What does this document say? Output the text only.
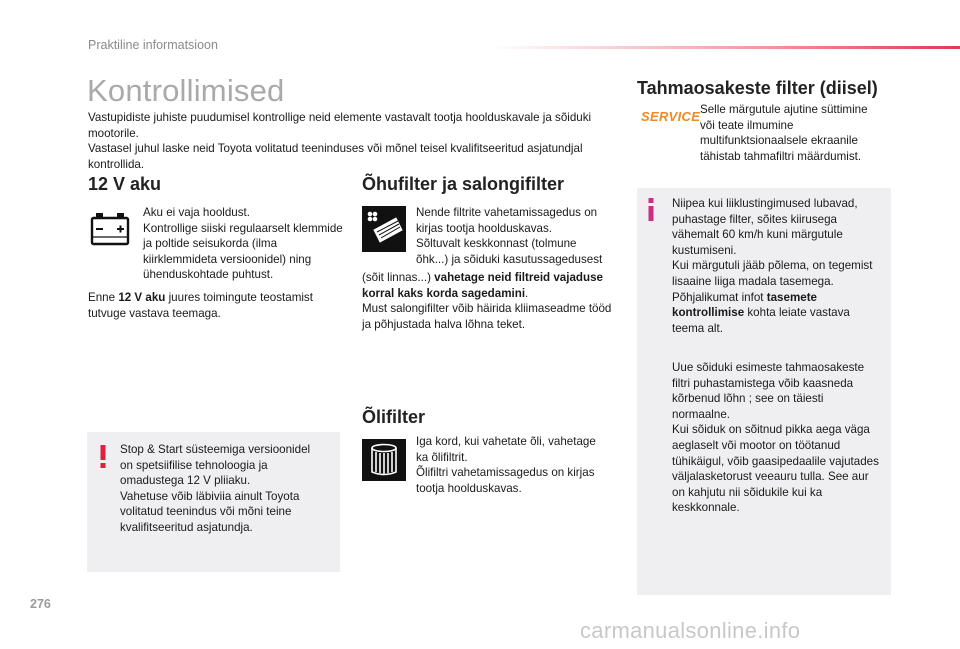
Praktiline informatsioon
Kontrollimised
Vastupidiste juhiste puudumisel kontrollige neid elemente vastavalt tootja hoolduskavale ja sõiduki mootorile.
Vastasel juhul laske neid Toyota volitatud teeninduses või mõnel teisel kvalifitseeritud asjatundjal kontrollida.
12 V aku
Aku ei vaja hooldust.
Kontrollige siiski regulaarselt klemmide ja poltide seisukorda (ilma kiirklemmideta versioonidel) ning ühenduskohtade puhtust.
Enne 12 V aku juures toimingute teostamist tutvuge vastava teemaga.
Stop & Start süsteemiga versioonidel on spetsiifilise tehnoloogia ja omadustega 12 V pliiaku.
Vahetuse võib läbiviia ainult Toyota volitatud teenindus või mõni teine kvalifitseeritud asjatundja.
Õhufilter ja salongifilter
Nende filtrite vahetamissagedus on kirjas tootja hoolduskavas.
Sõltuvalt keskkonnast (tolmune õhk...) ja sõiduki kasutussagedusest
(sõit linnas...) vahetage neid filtreid vajaduse korral kaks korda sagedamini.
Must salongifilter võib häirida kliimaseadme tööd ja põhjustada halva lõhna teket.
Õlifilter
Iga kord, kui vahetate õli, vahetage ka õlifiltrit.
Õlifiltri vahetamissagedus on kirjas tootja hoolduskavas.
Tahmaosakeste filter (diisel)
SERVICE Selle märgutule ajutine süttimine või teate ilmumine multifunktsionaalsele ekraanile tähistab tahmafiltri määrdumist.
Niipea kui liiklustingimused lubavad, puhastage filter, sõites kiirusega vähemalt 60 km/h kuni märgutule kustumiseni.
Kui märgutuli jääb põlema, on tegemist lisaaine liiga madala tasemega.
Põhjalikumat infot tasemete kontrollimise kohta leiate vastava teema alt.
Uue sõiduki esimeste tahmaosakeste filtri puhastamistega võib kaasneda kõrbenud lõhn ; see on täiesti normaalne.
Kui sõiduk on sõitnud pikka aega väga aeglaselt või mootor on töötanud tühikäigul, võib gaasipedaalile vajutades väljalasketorust veeauru tulla. See aur on kahjutu nii sõidukile kui ka keskkonnale.
276
carmanualsonline.info
